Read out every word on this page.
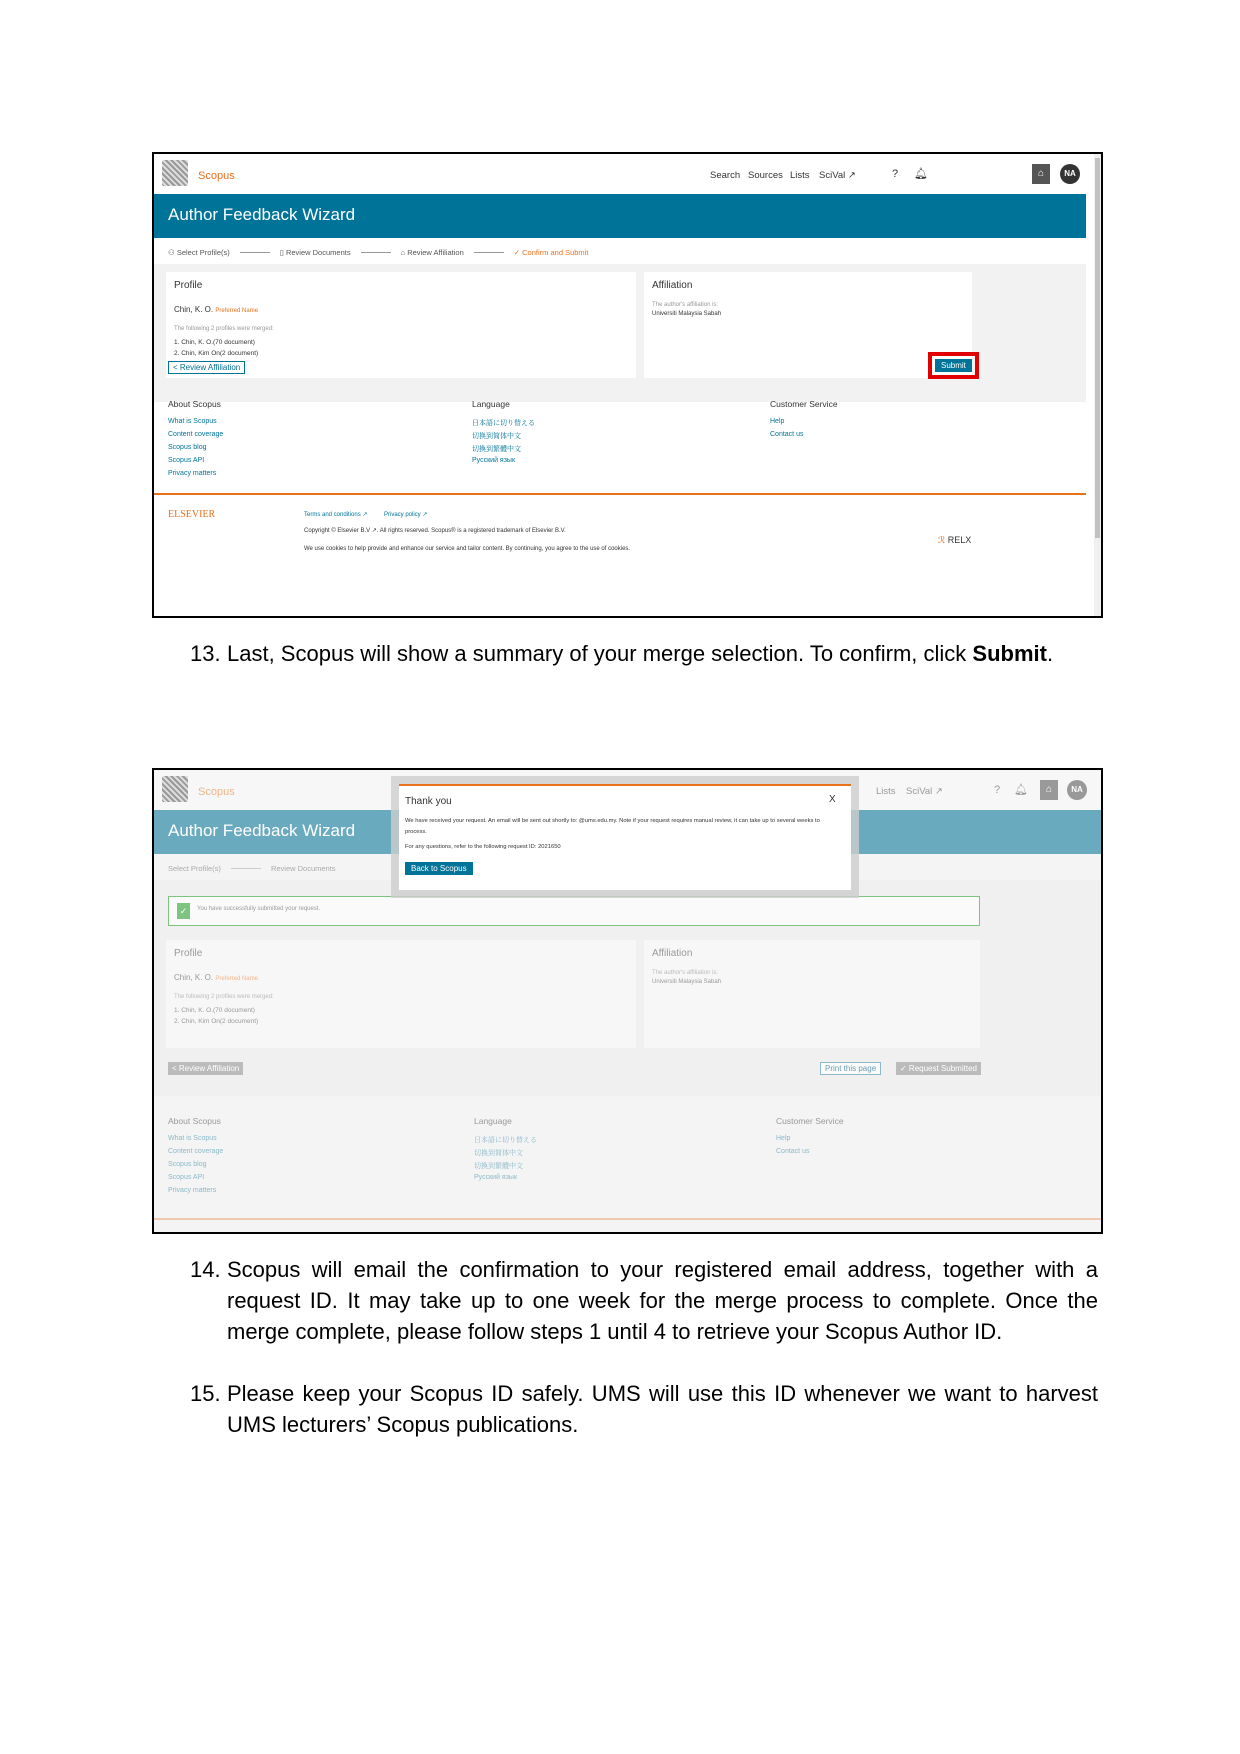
Scopus	Search Sources Lists SciVal ↗	? 🔔︎	⌂	NA
Author Feedback Wizard
⚇ Select Profile(s)	▯ Review Documents	⌂ Review Affiliation	✓ Confirm and Submit
Profile
Chin, K. O. Preferred Name
The following 2 profiles were merged:
1. Chin, K. O.(70 document)
2. Chin, Kim On(2 document)
Affiliation
The author's affiliation is:
Universiti Malaysia Sabah
< Review Affiliation	Submit
About Scopus
What is Scopus
Content coverage
Scopus blog
Scopus API
Privacy matters
Language
日本語に切り替える
切换到简体中文
切換到繁體中文
Русский язык
Customer Service
Help
Contact us
ELSEVIER	Terms and conditions ↗	Privacy policy ↗
Copyright © Elsevier B.V ↗. All rights reserved. Scopus® is a registered trademark of Elsevier B.V.
We use cookies to help provide and enhance our service and tailor content. By continuing, you agree to the use of cookies.
ℛ RELX
13. Last, Scopus will show a summary of your merge selection. To confirm, click Submit.
Scopus	Lists SciVal ↗	? 🔔︎	⌂	NA
Author Feedback Wizard
Select Profile(s)	Review Documents
✓	You have successfully submitted your request.
Profile
Chin, K. O. Preferred Name
The following 2 profiles were merged:
1. Chin, K. O.(70 document)
2. Chin, Kim On(2 document)
Affiliation
The author's affiliation is:
Universiti Malaysia Sabah
< Review Affiliation	Print this page	✓ Request Submitted
About Scopus
What is Scopus
Content coverage
Scopus blog
Scopus API
Privacy matters
Language
日本語に切り替える
切换到简体中文
切換到繁體中文
Русский язык
Customer Service
Help
Contact us
Thank you	X
We have received your request. An email will be sent out shortly to: @ums.edu.my. Note if your request requires manual review, it can take up to several weeks to process.
For any questions, refer to the following request ID: 2021650
Back to Scopus
14. Scopus will email the confirmation to your registered email address, together with a request ID. It may take up to one week for the merge process to complete. Once the merge complete, please follow steps 1 until 4 to retrieve your Scopus Author ID.
15. Please keep your Scopus ID safely. UMS will use this ID whenever we want to harvest UMS lecturers’ Scopus publications.
